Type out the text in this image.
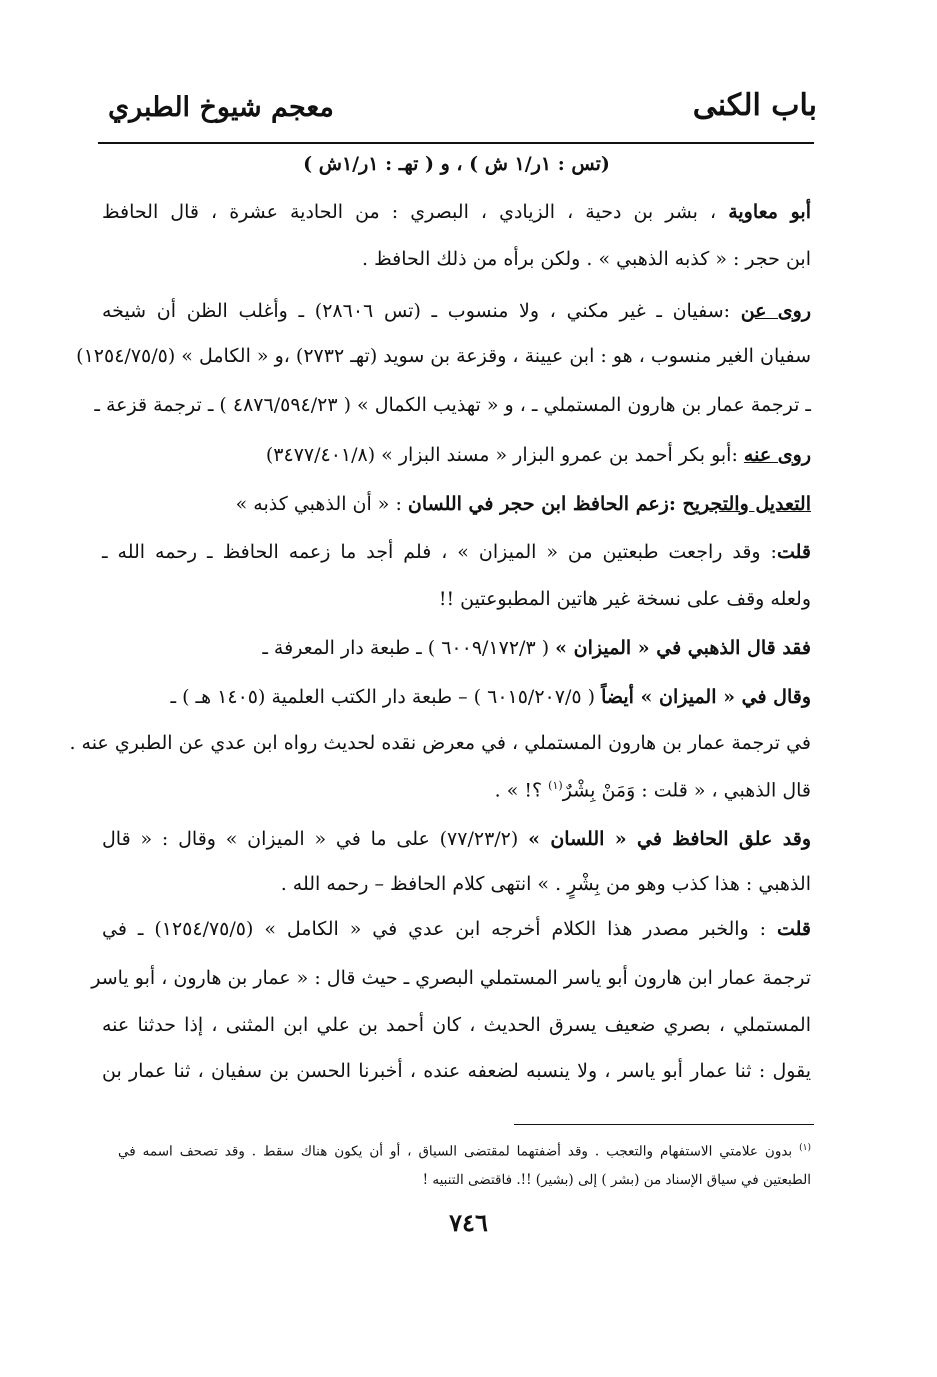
باب الكنى
معجم شيوخ الطبري
(تس : ١ر/١ ش ) ، و ( تهـ : ١ر/١ش )
أبو معاوية ، بشر بن دحية ، الزيادي ، البصري : من الحادية عشرة ، قال الحافظ
ابن حجر : « كذبه الذهبي » . ولكن برأه من ذلك الحافظ .
روى عن :سفيان ـ غير مكني ، ولا منسوب ـ (تس ٢٨٦٠٦) ـ وأغلب الظن أن شيخه
سفيان الغير منسوب ، هو : ابن عيينة ، وقزعة بن سويد (تهـ ٢٧٣٢) ،و « الكامل » (١٢٥٤/٧٥/٥)
ـ ترجمة عمار بن هارون المستملي ـ ، و « تهذيب الكمال » ( ٤٨٧٦/٥٩٤/٢٣ ) ـ ترجمة قزعة ـ
روى عنه :أبو بكر أحمد بن عمرو البزار « مسند البزار » (٣٤٧٧/٤٠١/٨)
التعديل والتجريح :زعم الحافظ ابن حجر في اللسان : « أن الذهبي كذبه »
قلت: وقد راجعت طبعتين من « الميزان » ، فلم أجد ما زعمه الحافظ ـ رحمه الله ـ
ولعله وقف على نسخة غير هاتين المطبوعتين !!
فقد قال الذهبي في « الميزان » ( ٦٠٠٩/١٧٢/٣ ) ـ طبعة دار المعرفة ـ
وقال في « الميزان » أيضاً ( ٦٠١٥/٢٠٧/٥ ) – طبعة دار الكتب العلمية (١٤٠٥ هـ ) ـ
في ترجمة عمار بن هارون المستملي ، في معرض نقده لحديث رواه ابن عدي عن الطبري عنه .
قال الذهبي ، « قلت : وَمَنْ بِشْرٌ$^{(١)}$ ؟! » .
وقد علق الحافظ في « اللسان » (٧٧/٢٣/٢) على ما في « الميزان » وقال : « قال
الذهبي : هذا كذب وهو من بِشْرٍ . » انتهى كلام الحافظ – رحمه الله .
قلت : والخبر مصدر هذا الكلام أخرجه ابن عدي في « الكامل » (١٢٥٤/٧٥/٥) ـ في
ترجمة عمار ابن هارون أبو ياسر المستملي البصري ـ حيث قال : « عمار بن هارون ، أبو ياسر
المستملي ، بصري ضعيف يسرق الحديث ، كان أحمد بن علي ابن المثنى ، إذا حدثنا عنه
يقول : ثنا عمار أبو ياسر ، ولا ينسبه لضعفه عنده ، أخبرنا الحسن بن سفيان ، ثنا عمار بن
$^{(١)}$ بدون علامتي الاستفهام والتعجب . وقد أضفتهما لمقتضى السياق ، أو أن يكون هناك سقط . وقد تصحف اسمه في
الطبعتين في سياق الإسناد من (بشر ) إلى (بشير) !!. فاقتضى التنبيه !
٧٤٦
